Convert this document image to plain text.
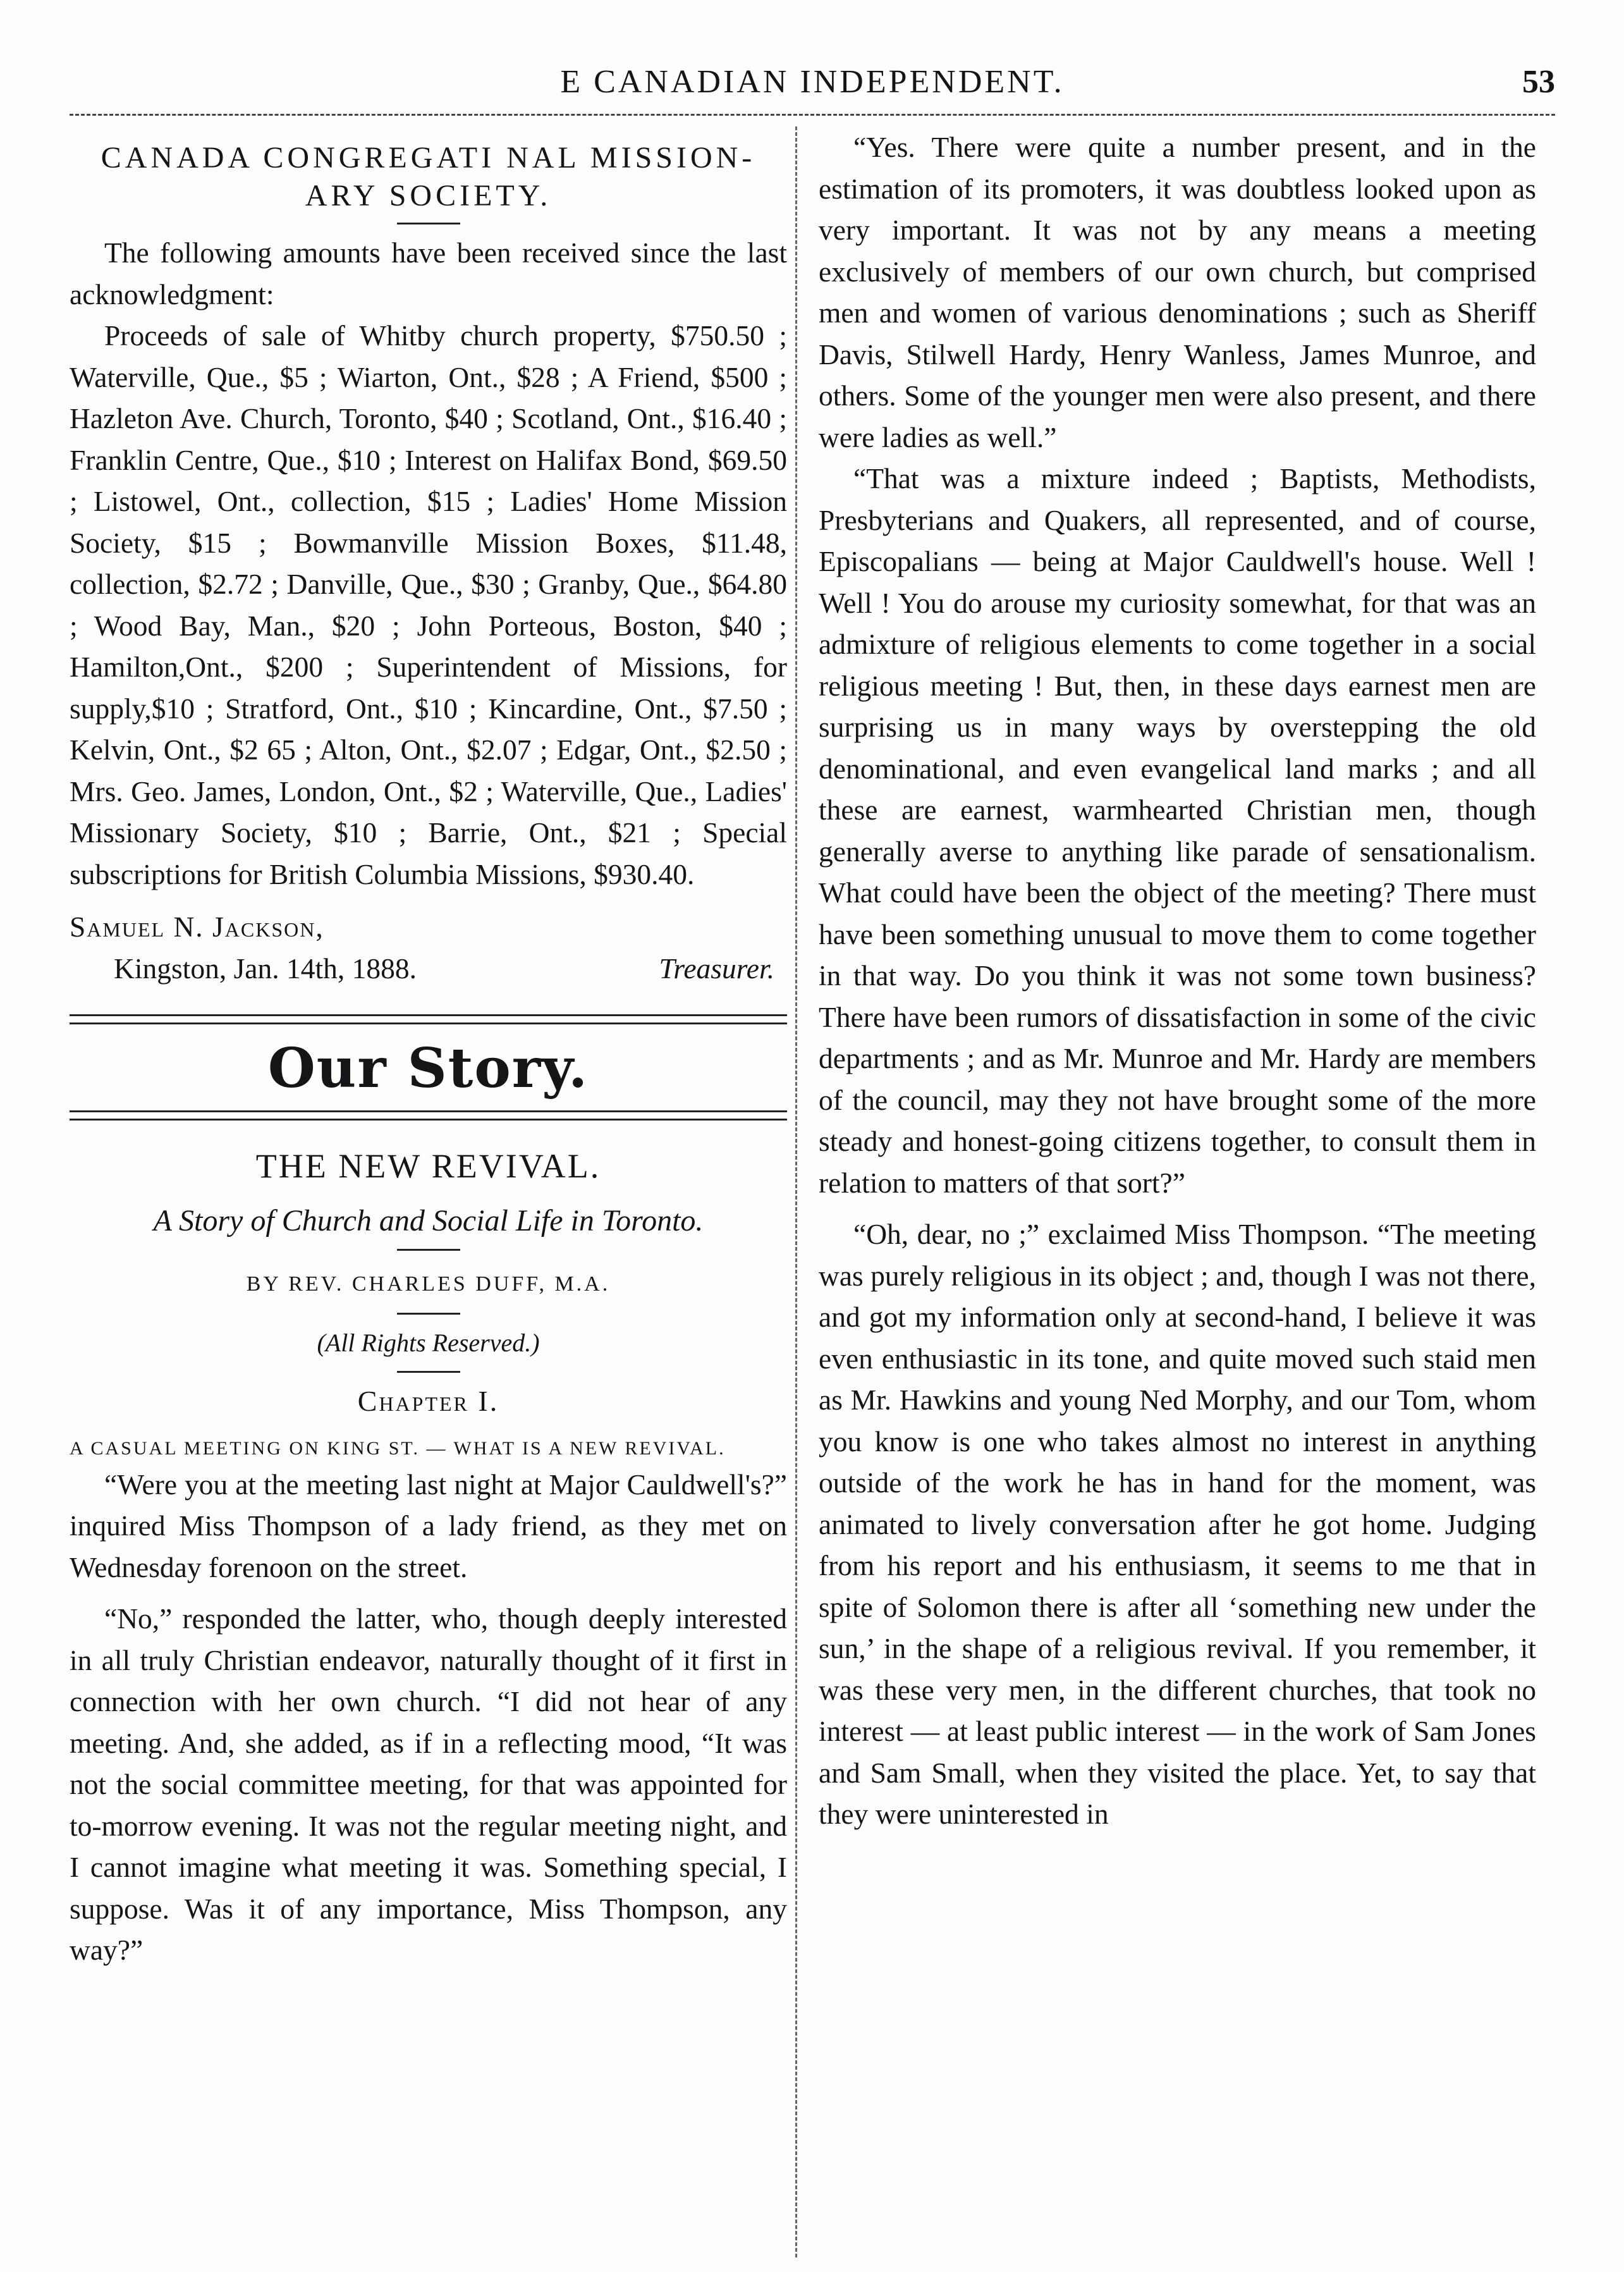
E CANADIAN INDEPENDENT.	53
CANADA CONGREGATI NAL MISSION-
ARY SOCIETY.

The following amounts have been received since the last acknowledgment:

Proceeds of sale of Whitby church property, $750.50 ; Waterville, Que., $5 ; Wiarton, Ont., $28 ; A Friend, $500 ; Hazleton Ave. Church, Toronto, $40 ; Scotland, Ont., $16.40 ; Franklin Centre, Que., $10 ; Interest on Halifax Bond, $69.50 ; Listowel, Ont., collection, $15 ; Ladies' Home Mission Society, $15 ; Bowmanville Mission Boxes, $11.48, collection, $2.72 ; Danville, Que., $30 ; Granby, Que., $64.80 ; Wood Bay, Man., $20 ; John Porteous, Boston, $40 ; Hamilton,Ont., $200 ; Superintendent of Missions, for supply,$10 ; Stratford, Ont., $10 ; Kincardine, Ont., $7.50 ; Kelvin, Ont., $2 65 ; Alton, Ont., $2.07 ; Edgar, Ont., $2.50 ; Mrs. Geo. James, London, Ont., $2 ; Waterville, Que., Ladies' Missionary Society, $10 ; Barrie, Ont., $21 ; Special subscriptions for British Columbia Missions, $930.40.

Samuel N. Jackson,

Kingston, Jan. 14th, 1888.	Treasurer.

Our Story.
THE NEW REVIVAL.
A Story of Church and Social Life in Toronto.
BY REV. CHARLES DUFF, M.A.
(All Rights Reserved.)
Chapter I.

A CASUAL MEETING ON KING ST. — WHAT IS A NEW REVIVAL.

“Were you at the meeting last night at Major Cauldwell's?” inquired Miss Thompson of a lady friend, as they met on Wednesday forenoon on the street.

“No,” responded the latter, who, though deeply interested in all truly Christian endeavor, naturally thought of it first in connection with her own church. “I did not hear of any meeting. And, she added, as if in a reflecting mood, “It was not the social committee meeting, for that was appointed for to-morrow evening. It was not the regular meeting night, and I cannot imagine what meeting it was. Something special, I suppose. Was it of any importance, Miss Thompson, any way?”

“Yes. There were quite a number present, and in the estimation of its promoters, it was doubtless looked upon as very important. It was not by any means a meeting exclusively of members of our own church, but comprised men and women of various denominations ; such as Sheriff Davis, Stilwell Hardy, Henry Wanless, James Munroe, and others. Some of the younger men were also present, and there were ladies as well.”

“That was a mixture indeed ; Baptists, Methodists, Presbyterians and Quakers, all represented, and of course, Episcopalians — being at Major Cauldwell's house. Well ! Well ! You do arouse my curiosity somewhat, for that was an admixture of religious elements to come together in a social religious meeting ! But, then, in these days earnest men are surprising us in many ways by overstepping the old denominational, and even evangelical land marks ; and all these are earnest, warmhearted Christian men, though generally averse to anything like parade of sensationalism. What could have been the object of the meeting? There must have been something unusual to move them to come together in that way. Do you think it was not some town business? There have been rumors of dissatisfaction in some of the civic departments ; and as Mr. Munroe and Mr. Hardy are members of the council, may they not have brought some of the more steady and honest-going citizens together, to consult them in relation to matters of that sort?”

“Oh, dear, no ;” exclaimed Miss Thompson. “The meeting was purely religious in its object ; and, though I was not there, and got my information only at second-hand, I believe it was even enthusiastic in its tone, and quite moved such staid men as Mr. Hawkins and young Ned Morphy, and our Tom, whom you know is one who takes almost no interest in anything outside of the work he has in hand for the moment, was animated to lively conversation after he got home. Judging from his report and his enthusiasm, it seems to me that in spite of Solomon there is after all ‘something new under the sun,’ in the shape of a religious revival. If you remember, it was these very men, in the different churches, that took no interest — at least public interest — in the work of Sam Jones and Sam Small, when they visited the place. Yet, to say that they were uninterested in
